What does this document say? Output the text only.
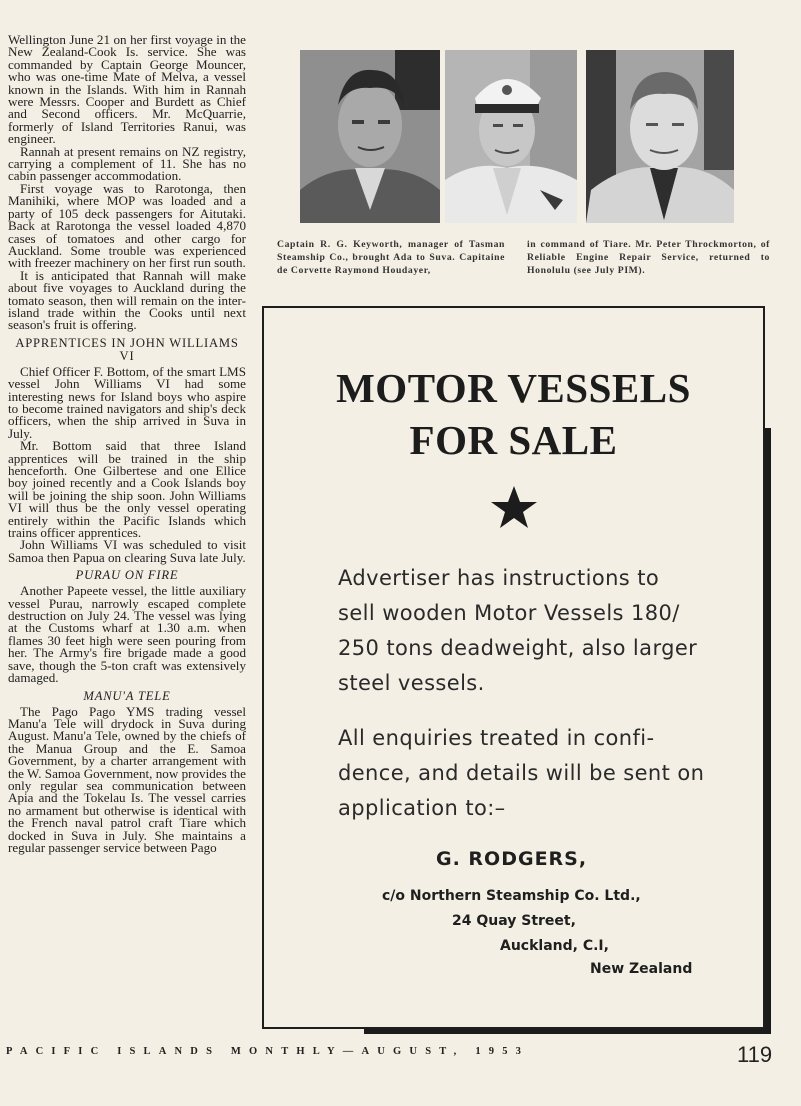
Wellington June 21 on her first voyage in the New Zealand-Cook Is. service. She was commanded by Captain George Mouncer, who was one-time Mate of Melva, a vessel known in the Islands. With him in Rannah were Messrs. Cooper and Burdett as Chief and Second officers. Mr. McQuarrie, formerly of Island Territories Ranui, was engineer.

Rannah at present remains on NZ registry, carrying a complement of 11. She has no cabin passenger accommodation.

First voyage was to Rarotonga, then Manihiki, where MOP was loaded and a party of 105 deck passengers for Aitutaki. Back at Rarotonga the vessel loaded 4,870 cases of tomatoes and other cargo for Auckland. Some trouble was experienced with freezer machinery on her first run south.

It is anticipated that Rannah will make about five voyages to Auckland during the tomato season, then will remain on the inter-island trade within the Cooks until next season's fruit is offering.

APPRENTICES IN JOHN WILLIAMS VI

Chief Officer F. Bottom, of the smart LMS vessel John Williams VI had some interesting news for Island boys who aspire to become trained navigators and ship's deck officers, when the ship arrived in Suva in July.

Mr. Bottom said that three Island apprentices will be trained in the ship henceforth. One Gilbertese and one Ellice boy joined recently and a Cook Islands boy will be joining the ship soon. John Williams VI will thus be the only vessel operating entirely within the Pacific Islands which trains officer apprentices.

John Williams VI was scheduled to visit Samoa then Papua on clearing Suva late July.

PURAU ON FIRE

Another Papeete vessel, the little auxiliary vessel Purau, narrowly escaped complete destruction on July 24. The vessel was lying at the Customs wharf at 1.30 a.m. when flames 30 feet high were seen pouring from her. The Army's fire brigade made a good save, though the 5-ton craft was extensively damaged.

MANU'A TELE

The Pago Pago YMS trading vessel Manu'a Tele will drydock in Suva during August. Manu'a Tele, owned by the chiefs of the Manua Group and the E. Samoa Government, by a charter arrangement with the W. Samoa Government, now provides the only regular sea communication between Apia and the Tokelau Is. The vessel carries no armament but otherwise is identical with the French naval patrol craft Tiare which docked in Suva in July. She maintains a regular passenger service between Pago

Captain R. G. Keyworth, manager of Tasman Steamship Co., brought Ada to Suva. Capitaine de Corvette Raymond Houdayer,
in command of Tiare. Mr. Peter Throckmorton, of Reliable Engine Repair Service, returned to Honolulu (see July PIM).
MOTOR VESSELS
FOR SALE
Advertiser has instructions to
sell wooden Motor Vessels 180/
250 tons deadweight, also larger
steel vessels.
All enquiries treated in confi-
dence, and details will be sent on
application to:–
G. RODGERS,
c/o Northern Steamship Co. Ltd.,
24 Quay Street,
Auckland, C.I,
New Zealand
PACIFIC ISLANDS MONTHLY—AUGUST, 1953	119
